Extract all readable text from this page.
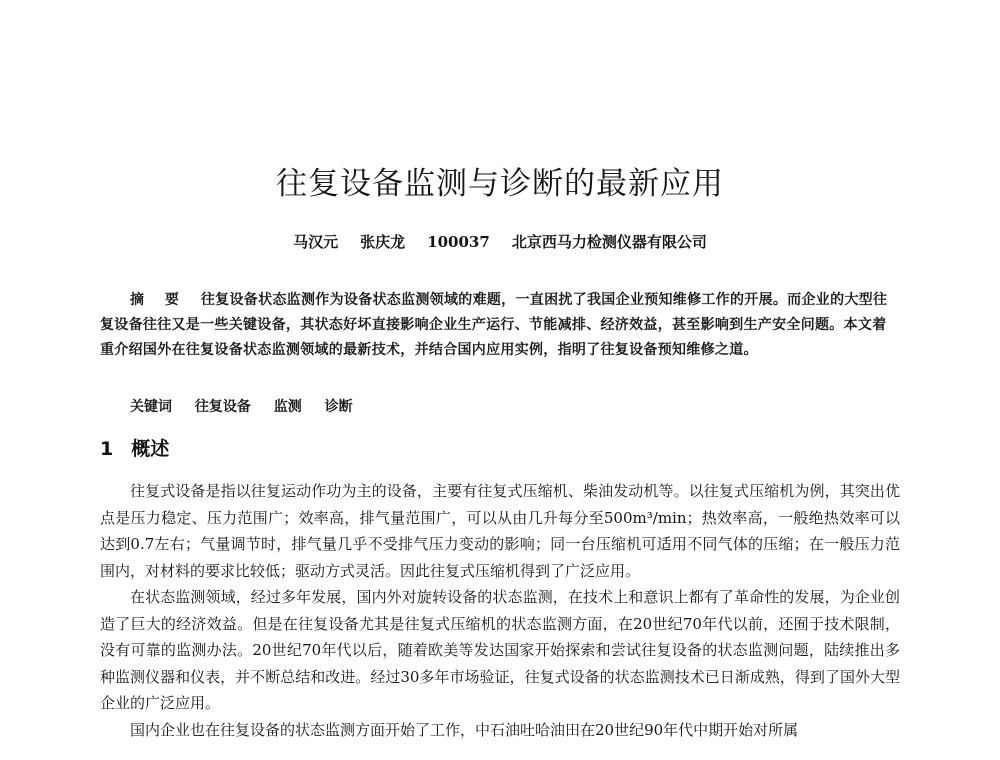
往复设备监测与诊断的最新应用
马汉元 张庆龙 100037 北京西马力检测仪器有限公司
摘 要 往复设备状态监测作为设备状态监测领域的难题，一直困扰了我国企业预知维修工作的开展。而企业的大型往复设备往往又是一些关键设备，其状态好坏直接影响企业生产运行、节能减排、经济效益，甚至影响到生产安全问题。本文着重介绍国外在往复设备状态监测领域的最新技术，并结合国内应用实例，指明了往复设备预知维修之道。
关键词 往复设备 监测 诊断
1 概述

往复式设备是指以往复运动作功为主的设备，主要有往复式压缩机、柴油发动机等。以往复式压缩机为例，其突出优点是压力稳定、压力范围广；效率高，排气量范围广，可以从由几升每分至500m³/min；热效率高，一般绝热效率可以达到0.7左右；气量调节时，排气量几乎不受排气压力变动的影响；同一台压缩机可适用不同气体的压缩；在一般压力范围内，对材料的要求比较低；驱动方式灵活。因此往复式压缩机得到了广泛应用。

在状态监测领域，经过多年发展，国内外对旋转设备的状态监测，在技术上和意识上都有了革命性的发展，为企业创造了巨大的经济效益。但是在往复设备尤其是往复式压缩机的状态监测方面，在20世纪70年代以前，还囿于技术限制，没有可靠的监测办法。20世纪70年代以后，随着欧美等发达国家开始探索和尝试往复设备的状态监测问题，陆续推出多种监测仪器和仪表，并不断总结和改进。经过30多年市场验证，往复式设备的状态监测技术已日渐成熟，得到了国外大型企业的广泛应用。

国内企业也在往复设备的状态监测方面开始了工作，中石油吐哈油田在20世纪90年代中期开始对所属
